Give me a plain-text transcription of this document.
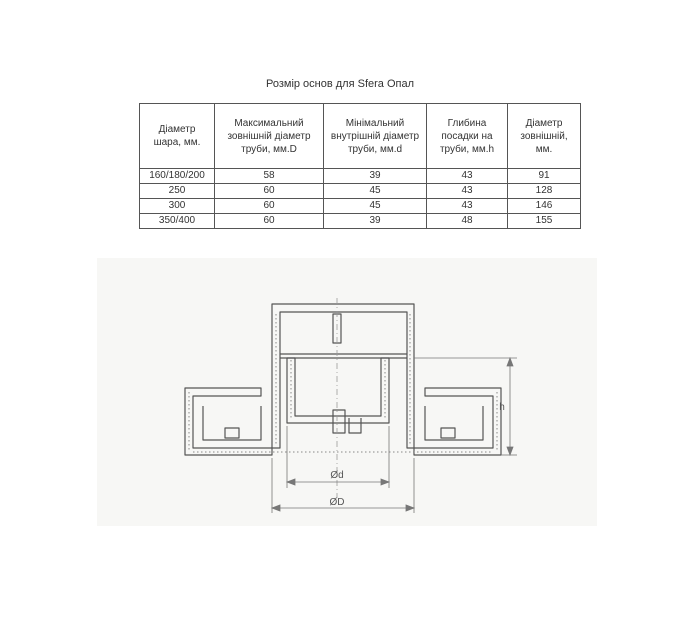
Розмір основ для Sfera Опал
Діаметр шара, мм.	Максимальний зовнішній діаметр труби, мм.D	Мінімальний внутрішній діаметр труби, мм.d	Глибина посадки на труби, мм.h	Діаметр зовнішній, мм.
160/180/200	58	39	43	91
250	60	45	43	128
300	60	45	43	146
350/400	60	39	48	155
Ød
ØD
h
